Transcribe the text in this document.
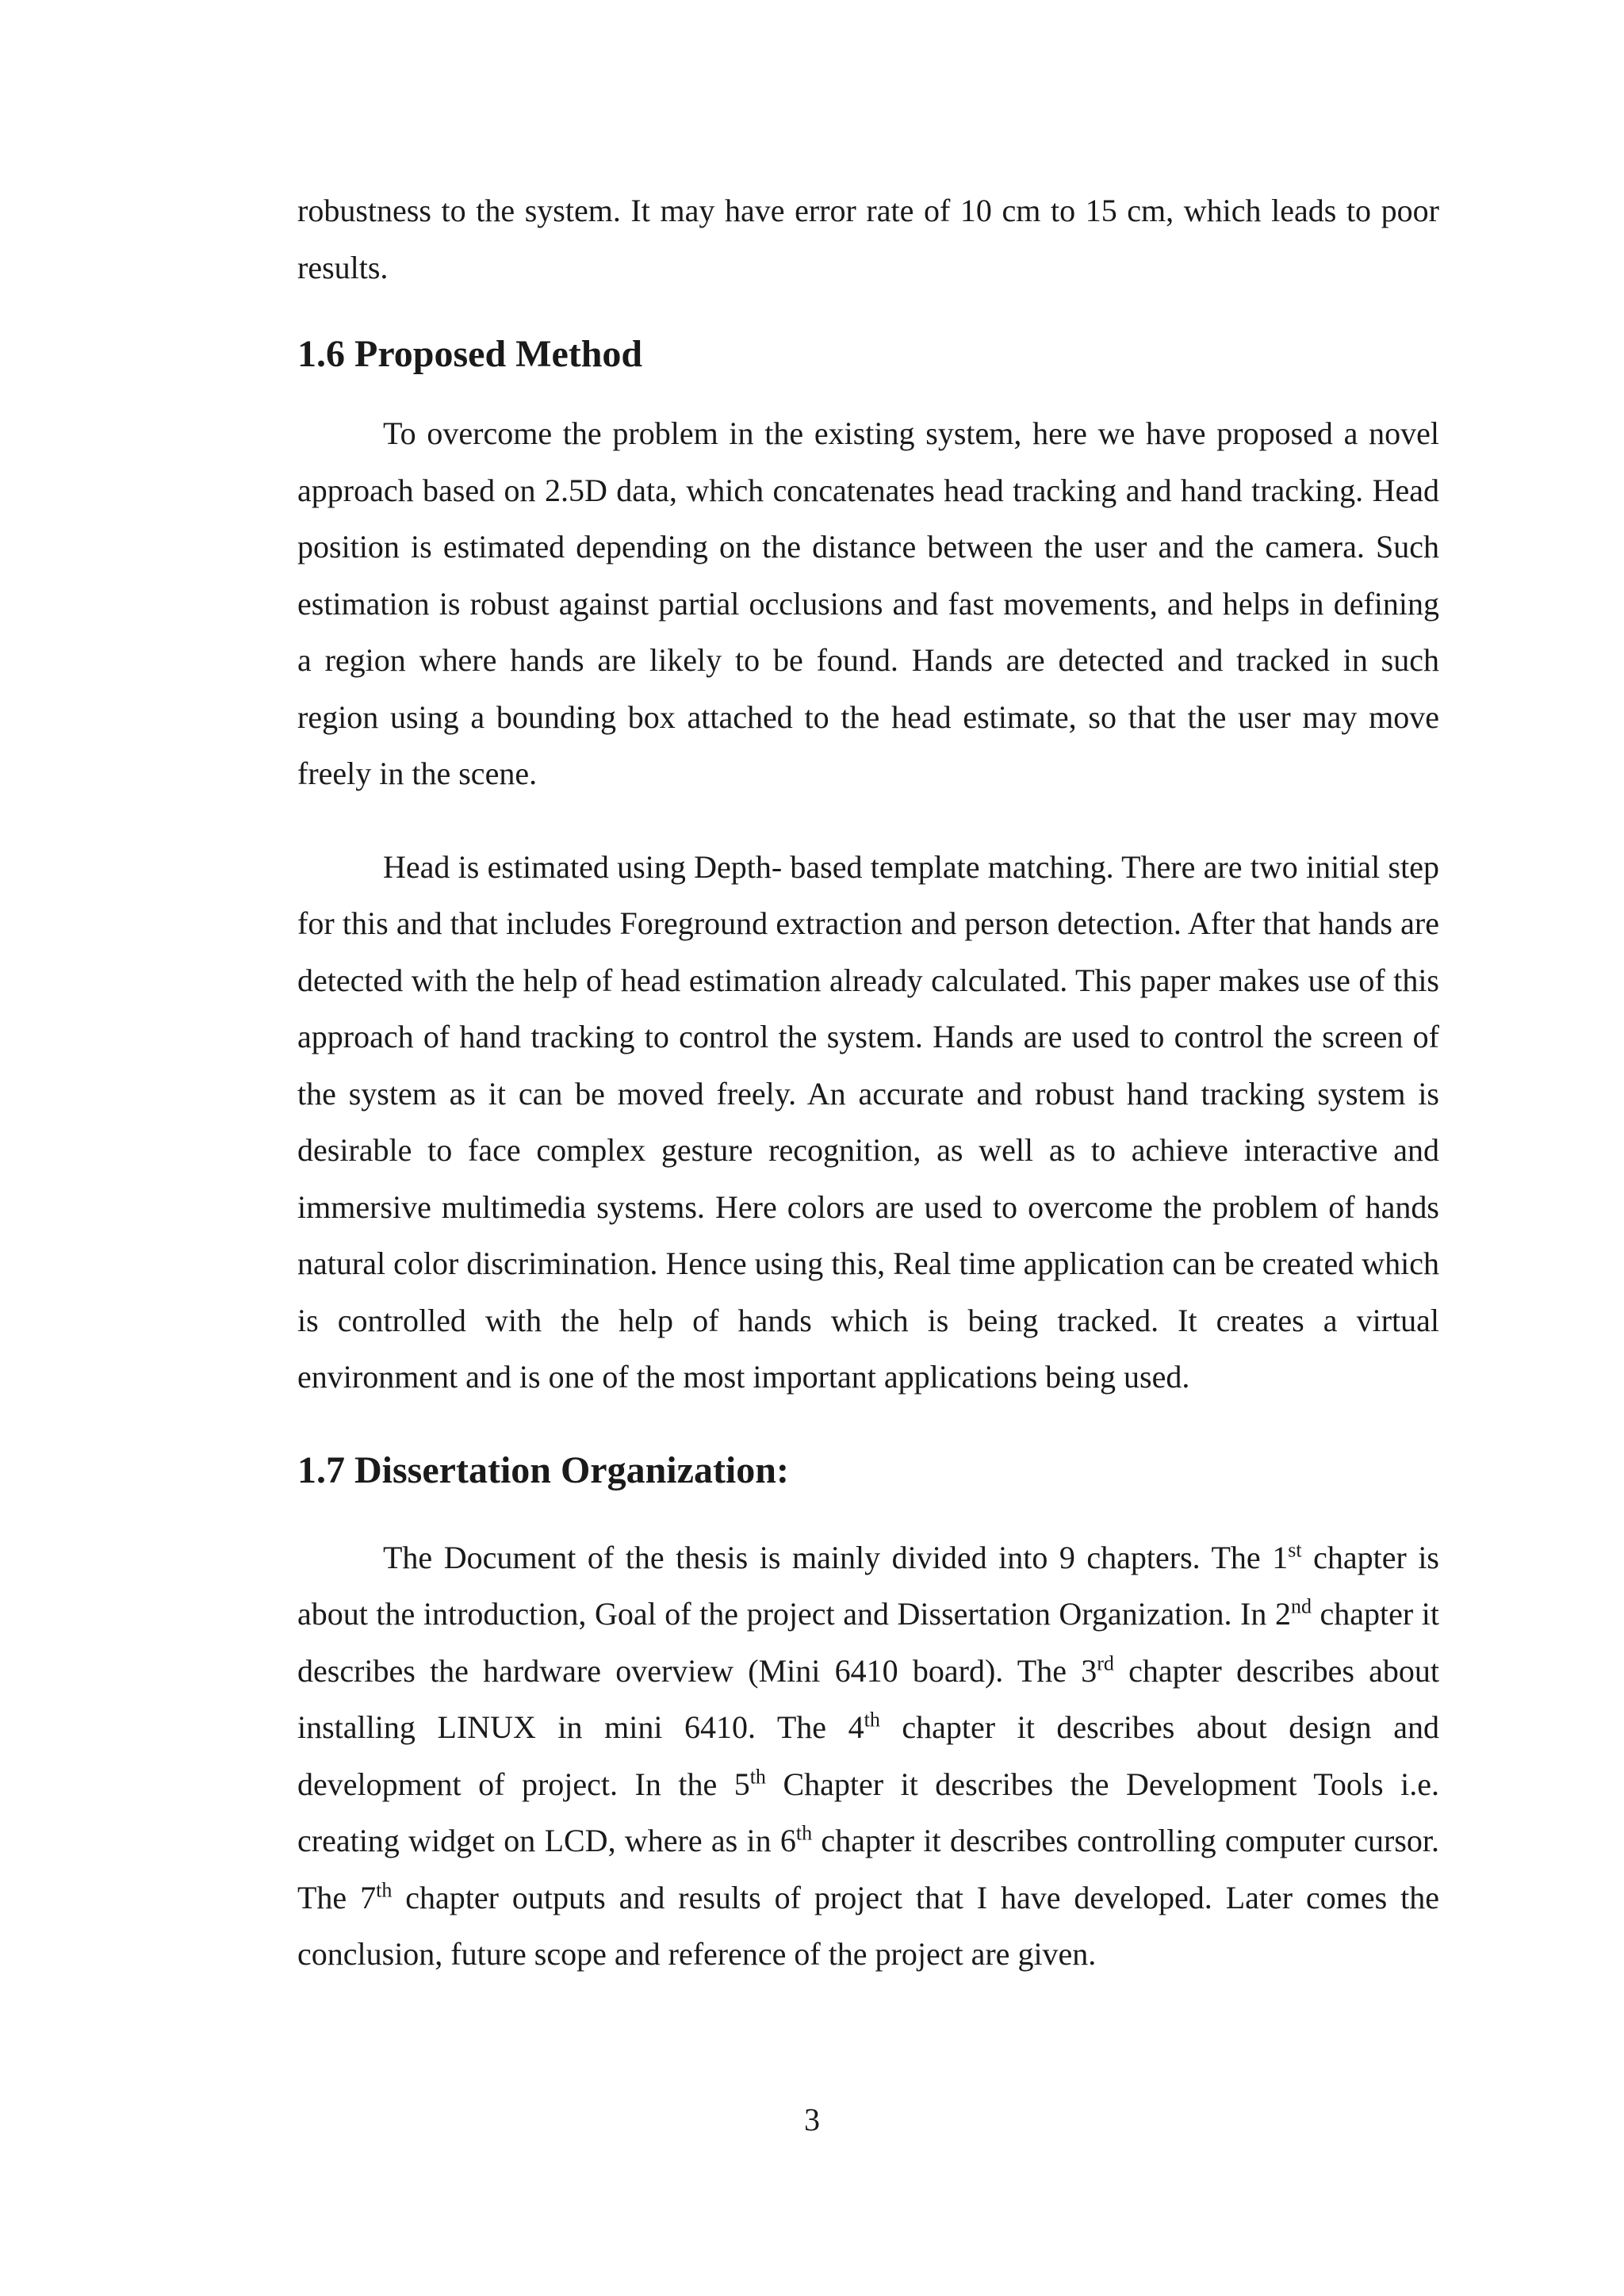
robustness to the system. It may have error rate of 10 cm to 15 cm, which leads to poor results.

1.6 Proposed Method

To overcome the problem in the existing system, here we have proposed a novel approach based on 2.5D data, which concatenates head tracking and hand tracking. Head position is estimated depending on the distance between the user and the camera. Such estimation is robust against partial occlusions and fast movements, and helps in defining a region where hands are likely to be found. Hands are detected and tracked in such region using a bounding box attached to the head estimate, so that the user may move freely in the scene.

Head is estimated using Depth- based template matching. There are two initial step for this and that includes Foreground extraction and person detection. After that hands are detected with the help of head estimation already calculated. This paper makes use of this approach of hand tracking to control the system. Hands are used to control the screen of the system as it can be moved freely. An accurate and robust hand tracking system is desirable to face complex gesture recognition, as well as to achieve interactive and immersive multimedia systems. Here colors are used to overcome the problem of hands natural color discrimination. Hence using this, Real time application can be created which is controlled with the help of hands which is being tracked. It creates a virtual environment and is one of the most important applications being used.

1.7 Dissertation Organization:

The Document of the thesis is mainly divided into 9 chapters. The 1st chapter is about the introduction, Goal of the project and Dissertation Organization. In 2nd chapter it describes the hardware overview (Mini 6410 board). The 3rd chapter describes about installing LINUX in mini 6410. The 4th chapter it describes about design and development of project. In the 5th Chapter it describes the Development Tools i.e. creating widget on LCD, where as in 6th chapter it describes controlling computer cursor. The 7th chapter outputs and results of project that I have developed. Later comes the conclusion, future scope and reference of the project are given.

3
